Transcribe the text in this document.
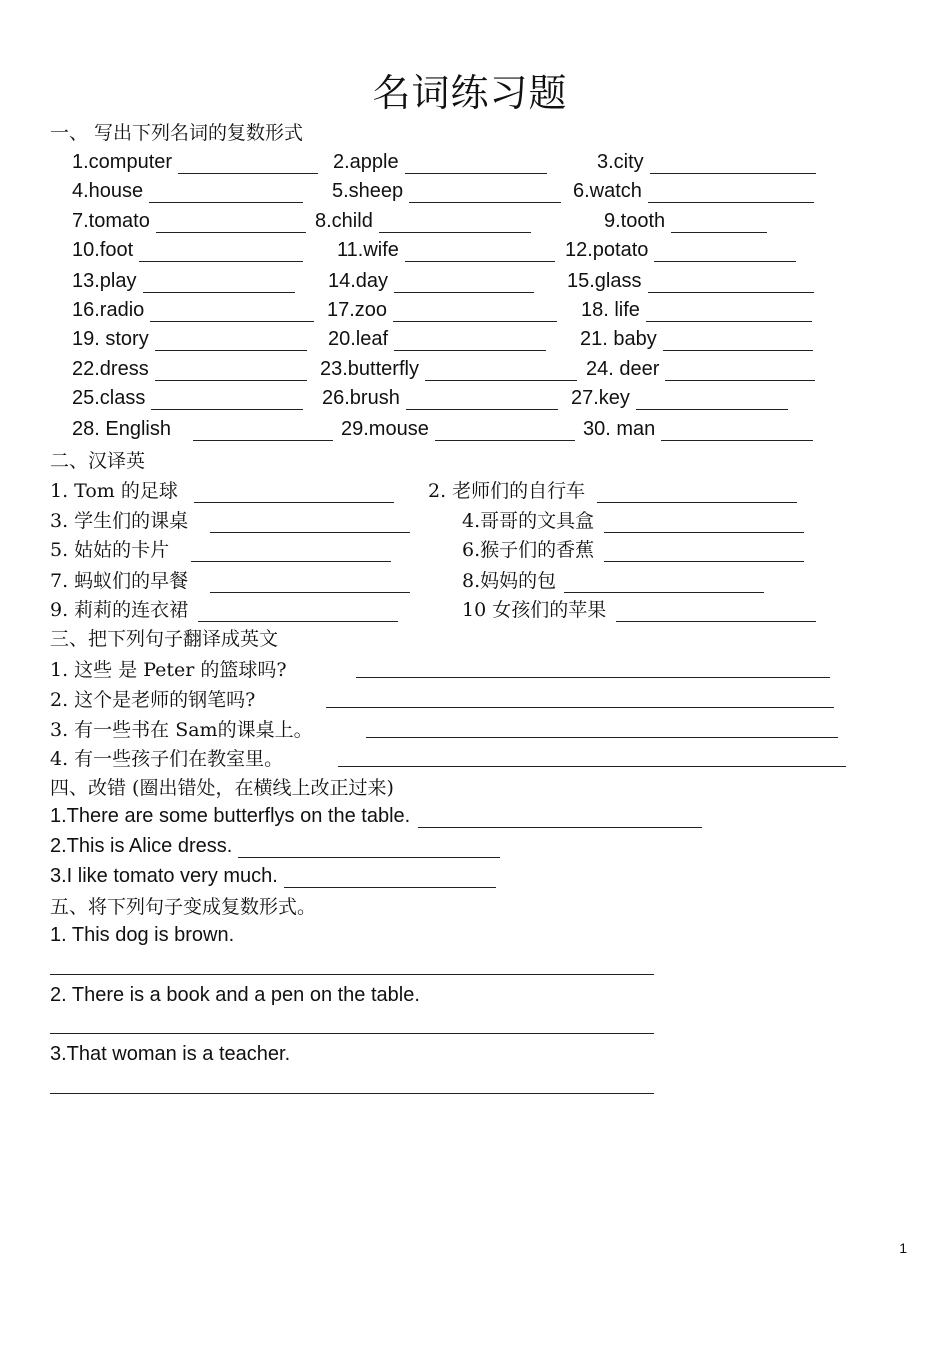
名词练习题
一、 写出下列名词的复数形式
1.computer	2.apple	3.city
4.house	5.sheep	6.watch
7.tomato	8.child	9.tooth
10.foot	11.wife	12.potato
13.play	14.day	15.glass
16.radio	17.zoo	18. life
19. story	20.leaf	21. baby
22.dress	23.butterfly	24. deer
25.class	26.brush	27.key
28. English	29.mouse	30. man
二、汉译英
1. Tom 的足球	2. 老师们的自行车
3. 学生们的课桌	4.哥哥的文具盒
5. 姑姑的卡片	6.猴子们的香蕉
7. 蚂蚁们的早餐	8.妈妈的包
9. 莉莉的连衣裙	10 女孩们的苹果
三、把下列句子翻译成英文
1. 这些 是 Peter 的篮球吗?
2. 这个是老师的钢笔吗?
3. 有一些书在 Sam的课桌上。
4. 有一些孩子们在教室里。
四、改错 (圈出错处，在横线上改正过来)
1.There are some butterflys on the table.
2.This is Alice dress.
3.I like tomato very much.
五、将下列句子变成复数形式。
1. This dog is brown.
2. There is a book and a pen on the table.
3.That woman is a teacher.
1
